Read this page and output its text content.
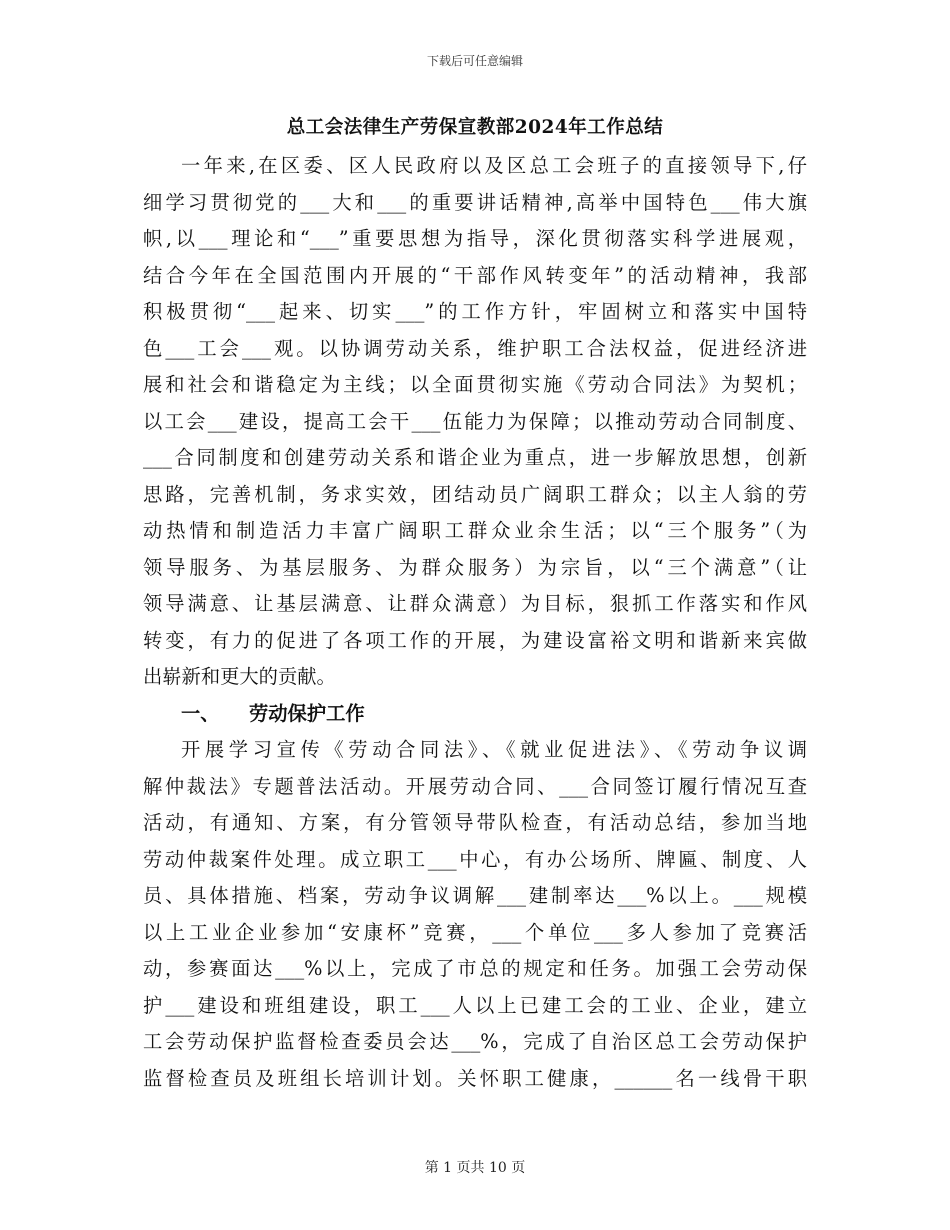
下载后可任意编辑
总工会法律生产劳保宣教部2024年工作总结
一年来,在区委、区人民政府以及区总工会班子的直接领导下,仔
细学习贯彻党的___大和___的重要讲话精神,高举中国特色___伟大旗
帜,以___理论和“___”重要思想为指导，深化贯彻落实科学进展观，
结合今年在全国范围内开展的“干部作风转变年”的活动精神，我部
积极贯彻“___起来、切实___”的工作方针，牢固树立和落实中国特
色___工会___观。以协调劳动关系，维护职工合法权益，促进经济进
展和社会和谐稳定为主线；以全面贯彻实施《劳动合同法》为契机；
以工会___建设，提高工会干___伍能力为保障；以推动劳动合同制度、
___合同制度和创建劳动关系和谐企业为重点，进一步解放思想，创新
思路，完善机制，务求实效，团结动员广阔职工群众；以主人翁的劳
动热情和制造活力丰富广阔职工群众业余生活；以“三个服务”（为
领导服务、为基层服务、为群众服务）为宗旨，以“三个满意”（让
领导满意、让基层满意、让群众满意）为目标，狠抓工作落实和作风
转变，有力的促进了各项工作的开展，为建设富裕文明和谐新来宾做
出崭新和更大的贡献。
一、 劳动保护工作
开展学习宣传《劳动合同法》、《就业促进法》、《劳动争议调
解仲裁法》专题普法活动。开展劳动合同、___合同签订履行情况互查
活动，有通知、方案，有分管领导带队检查，有活动总结，参加当地
劳动仲裁案件处理。成立职工___中心，有办公场所、牌匾、制度、人
员、具体措施、档案，劳动争议调解___建制率达___%以上。___规模
以上工业企业参加“安康杯”竞赛，___个单位___多人参加了竞赛活
动，参赛面达___%以上，完成了市总的规定和任务。加强工会劳动保
护___建设和班组建设，职工___人以上已建工会的工业、企业，建立
工会劳动保护监督检查委员会达___%，完成了自治区总工会劳动保护
监督检查员及班组长培训计划。关怀职工健康，______名一线骨干职
第 1 页共 10 页
